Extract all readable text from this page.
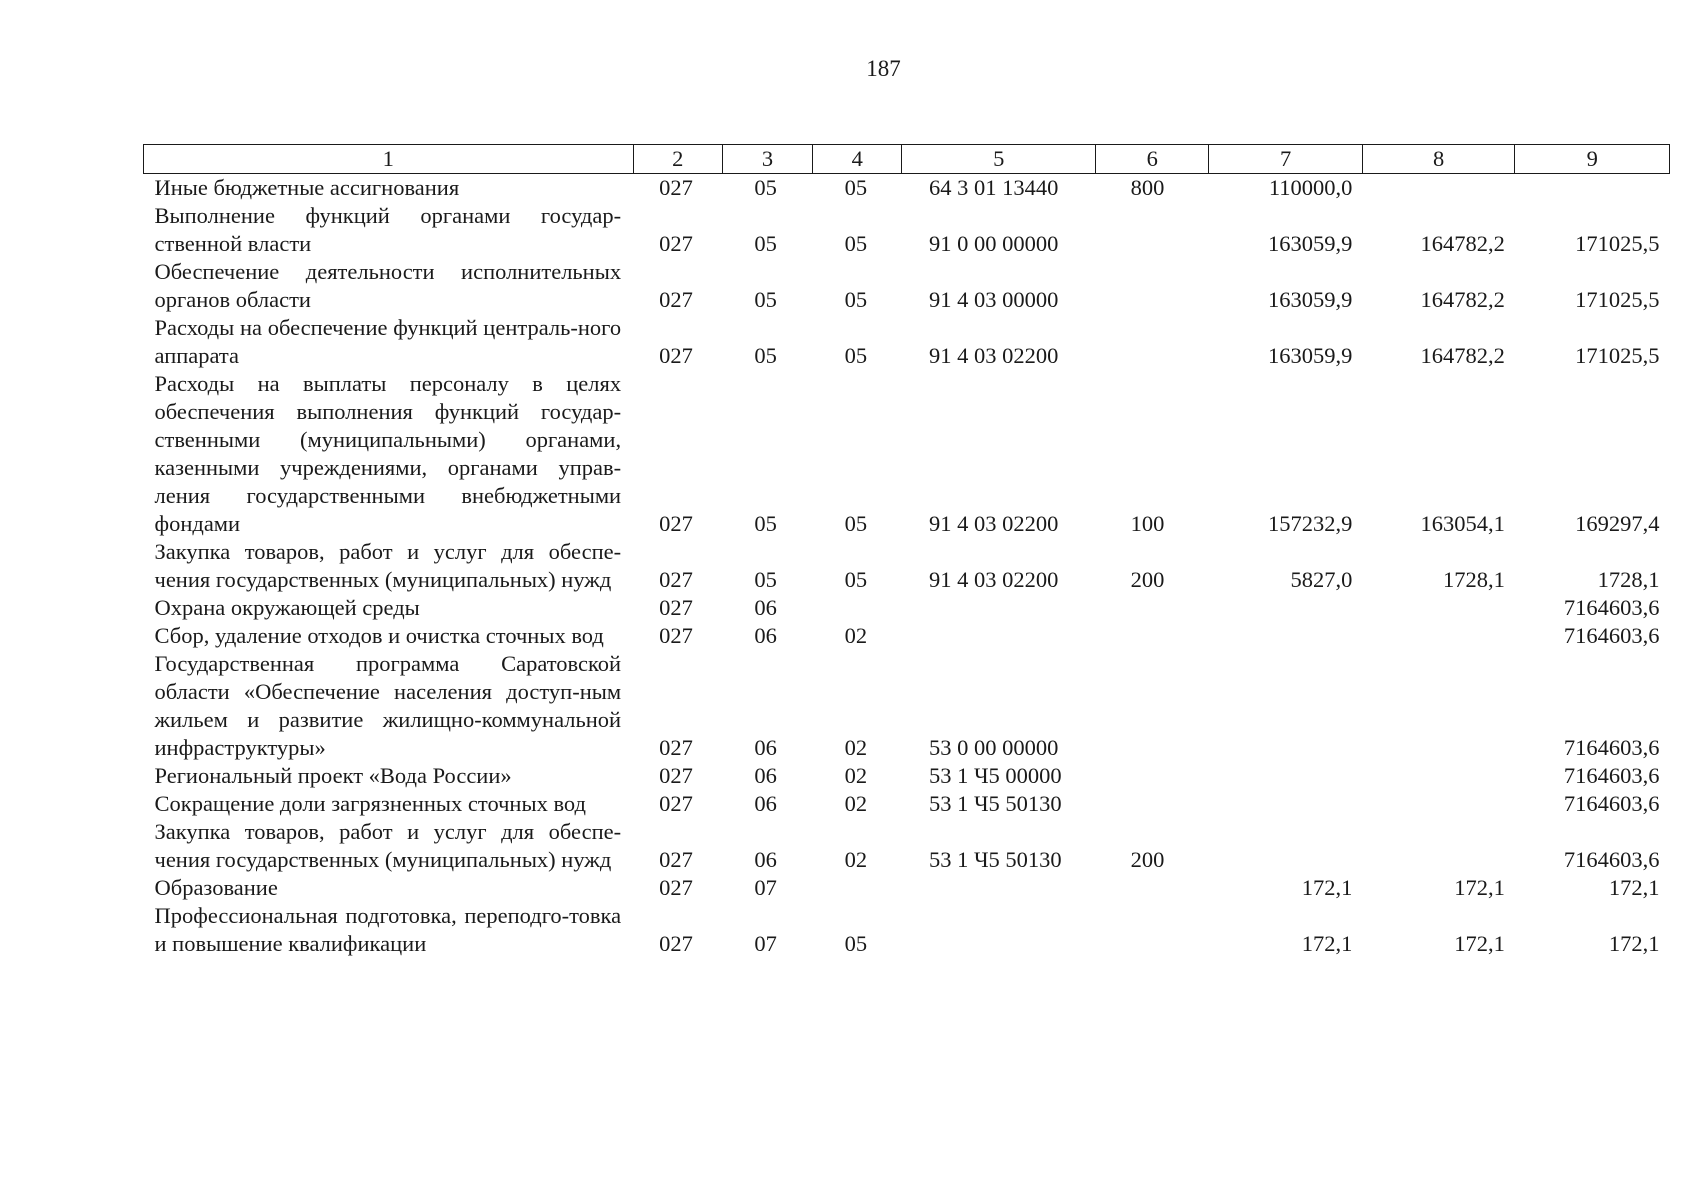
187
1	2	3	4	5	6	7	8	9
Иные бюджетные ассигнования	027	05	05	64 3 01 13440	800	110000,0		
Выполнение функций органами государ-ственной власти	027	05	05	91 0 00 00000		163059,9	164782,2	171025,5
Обеспечение деятельности исполнительных органов области	027	05	05	91 4 03 00000		163059,9	164782,2	171025,5
Расходы на обеспечение функций централь-ного аппарата	027	05	05	91 4 03 02200		163059,9	164782,2	171025,5
Расходы на выплаты персоналу в целях обеспечения выполнения функций государ-ственными (муниципальными) органами, казенными учреждениями, органами управ-ления государственными внебюджетными фондами	027	05	05	91 4 03 02200	100	157232,9	163054,1	169297,4
Закупка товаров, работ и услуг для обеспе-чения государственных (муниципальных) нужд	027	05	05	91 4 03 02200	200	5827,0	1728,1	1728,1
Охрана окружающей среды	027	06						7164603,6
Сбор, удаление отходов и очистка сточных вод	027	06	02					7164603,6
Государственная программа Саратовской области «Обеспечение населения доступ-ным жильем и развитие жилищно-коммунальной инфраструктуры»	027	06	02	53 0 00 00000				7164603,6
Региональный проект «Вода России»	027	06	02	53 1 Ч5 00000				7164603,6
Сокращение доли загрязненных сточных вод	027	06	02	53 1 Ч5 50130				7164603,6
Закупка товаров, работ и услуг для обеспе-чения государственных (муниципальных) нужд	027	06	02	53 1 Ч5 50130	200			7164603,6
Образование	027	07				172,1	172,1	172,1
Профессиональная подготовка, переподго-товка и повышение квалификации	027	07	05			172,1	172,1	172,1
